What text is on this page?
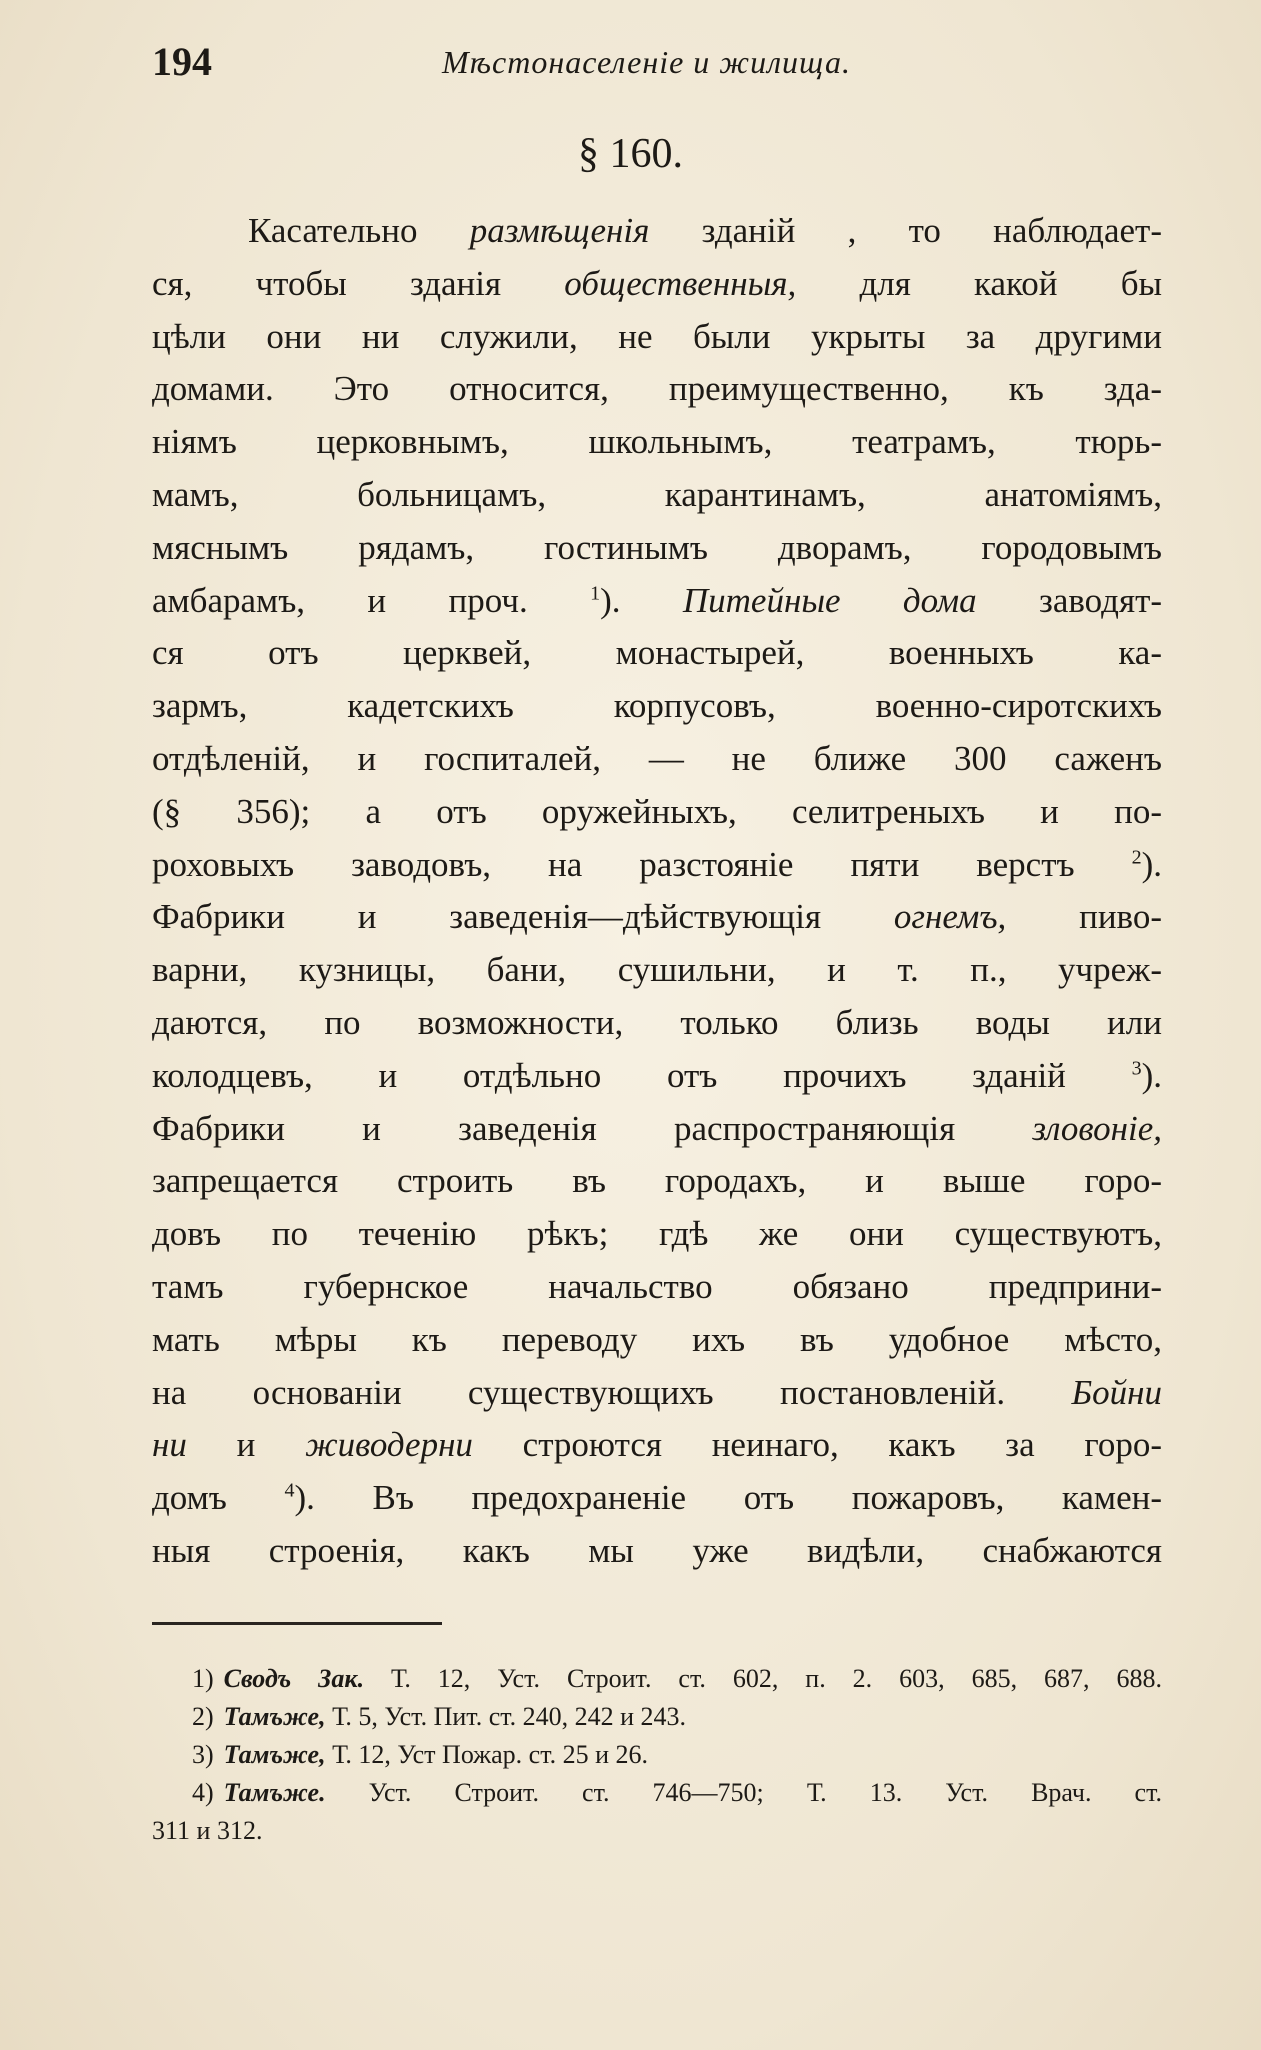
194	Мѣстонаселеніе и жилища.
§ 160.
Касательно размѣщенія зданій , то наблюдает-
ся, чтобы зданія общественныя, для какой бы
цѣли они ни служили, не были укрыты за другими
домами. Это относится, преимущественно, къ зда-
ніямъ церковнымъ, школьнымъ, театрамъ, тюрь-
мамъ, больницамъ, карантинамъ, анатоміямъ,
мяснымъ рядамъ, гостинымъ дворамъ, городовымъ
амбарамъ, и проч.	$^1$). Питейные дома заводят-
ся отъ церквей, монастырей, военныхъ ка-
зармъ, кадетскихъ корпусовъ, военно-сиротскихъ
отдѣленій, и госпиталей, — не ближе 300 саженъ
(§ 356); а отъ оружейныхъ, селитреныхъ и по-
роховыхъ заводовъ, на разстояніе пяти верстъ	$^2$).
Фабрики и заведенія—дѣйствующія огнемъ, пиво-
варни, кузницы, бани, сушильни, и т. п., учреж-
даются, по возможности, только близь воды или
колодцевъ, и отдѣльно отъ прочихъ зданій	$^3$).
Фабрики и заведенія распространяющія зловоніе,
запрещается строить въ городахъ, и выше горо-
довъ по теченію рѣкъ; гдѣ же они существуютъ,
тамъ губернское начальство обязано предприни-
мать мѣры къ переводу ихъ въ удобное мѣсто,
на основаніи существующихъ постановленій. Бойни
ни и живодерни строются неинаго, какъ за горо-
домъ	$^4$). Въ предохраненіе отъ пожаровъ, камен-
ныя строенія, какъ мы уже видѣли, снабжаются
1) Сводъ Зак. Т. 12, Уст. Строит. ст. 602, п. 2. 603, 685, 687, 688.
2) Тамъже, Т. 5, Уст. Пит. ст. 240, 242 и 243.
3) Тамъже, Т. 12, Уст Пожар. ст. 25 и 26.
4) Тамъже. Уст. Строит. ст. 746—750; Т. 13. Уст. Врач. ст.
311 и 312.
